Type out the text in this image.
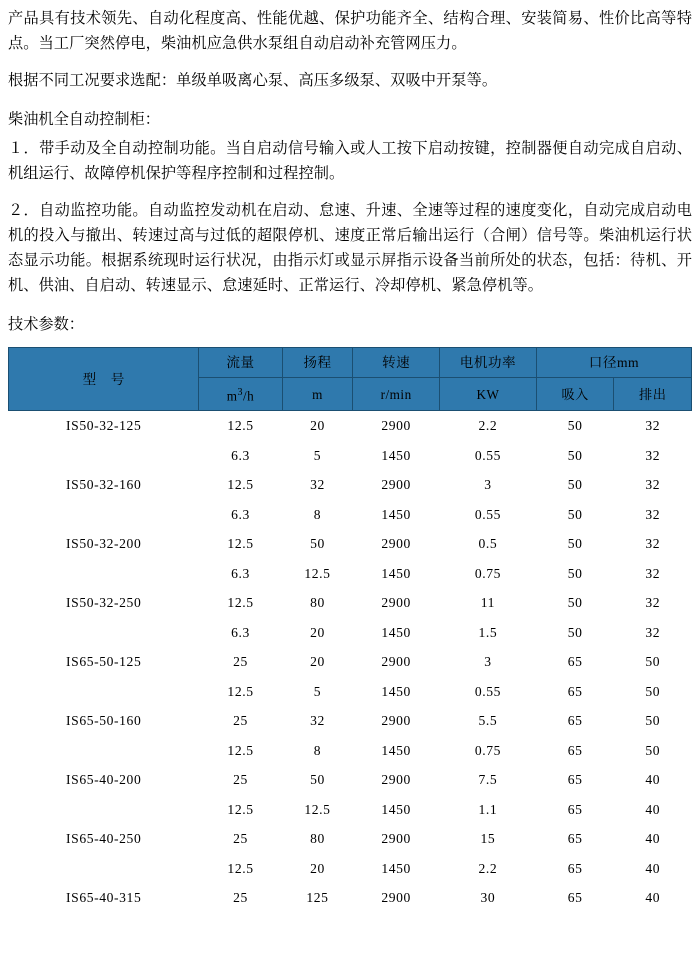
产品具有技术领先、自动化程度高、性能优越、保护功能齐全、结构合理、安装简易、性价比高等特点。当工厂突然停电，柴油机应急供水泵组自动启动补充管网压力。

根据不同工况要求选配：单级单吸离心泵、高压多级泵、双吸中开泵等。

柴油机全自动控制柜：

１．带手动及全自动控制功能。当自启动信号输入或人工按下启动按键，控制器便自动完成自启动、机组运行、故障停机保护等程序控制和过程控制。

２．自动监控功能。自动监控发动机在启动、怠速、升速、全速等过程的速度变化，自动完成启动电机的投入与撤出、转速过高与过低的超限停机、速度正常后输出运行（合闸）信号等。柴油机运行状态显示功能。根据系统现时运行状况，由指示灯或显示屏指示设备当前所处的状态，包括：待机、开机、供油、自启动、转速显示、怠速延时、正常运行、冷却停机、紧急停机等。

技术参数：

型　号	流量	扬程	转速	电机功率	口径mm	
	$m^3/h$	m	r/min	KW	吸入	排出
IS50-32-125	12.5	20	2900	2.2	50	32
	6.3	5	1450	0.55	50	32
IS50-32-160	12.5	32	2900	3	50	32
	6.3	8	1450	0.55	50	32
IS50-32-200	12.5	50	2900	0.5	50	32
	6.3	12.5	1450	0.75	50	32
IS50-32-250	12.5	80	2900	11	50	32
	6.3	20	1450	1.5	50	32
IS65-50-125	25	20	2900	3	65	50
	12.5	5	1450	0.55	65	50
IS65-50-160	25	32	2900	5.5	65	50
	12.5	8	1450	0.75	65	50
IS65-40-200	25	50	2900	7.5	65	40
	12.5	12.5	1450	1.1	65	40
IS65-40-250	25	80	2900	15	65	40
	12.5	20	1450	2.2	65	40
IS65-40-315	25	125	2900	30	65	40
